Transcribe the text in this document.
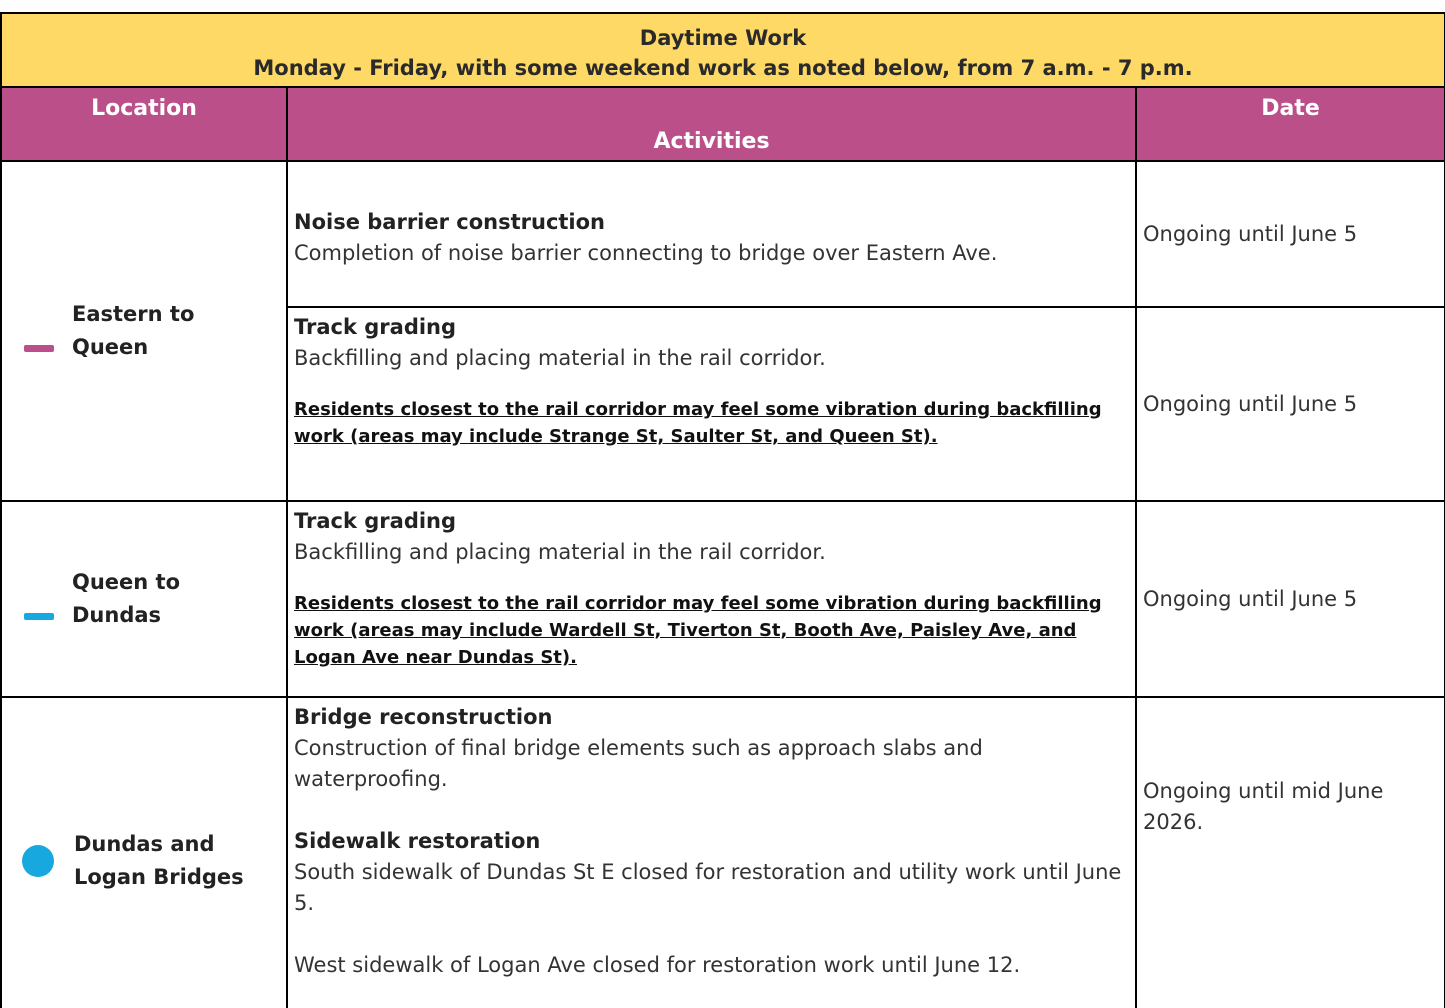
Daytime Work
Monday - Friday, with some weekend work as noted below, from 7 a.m. - 7 p.m.		

Location	Activities	Date

Eastern to
Queen	Noise barrier construction
Completion of noise barrier connecting to bridge over Eastern Ave.	Ongoing until June 5

	Track grading
Backfilling and placing material in the rail corridor.
Residents closest to the rail corridor may feel some vibration during backfilling work (areas may include Strange St, Saulter St, and Queen St).	Ongoing until June 5

Queen to
Dundas	Track grading
Backfilling and placing material in the rail corridor.
Residents closest to the rail corridor may feel some vibration during backfilling work (areas may include Wardell St, Tiverton St, Booth Ave, Paisley Ave, and Logan Ave near Dundas St).	Ongoing until June 5

Dundas and
Logan Bridges	Bridge reconstruction
Construction of final bridge elements such as approach slabs and waterproofing.
Sidewalk restoration
South sidewalk of Dundas St E closed for restoration and utility work until June 5.
West sidewalk of Logan Ave closed for restoration work until June 12.	Ongoing until mid June 2026.
